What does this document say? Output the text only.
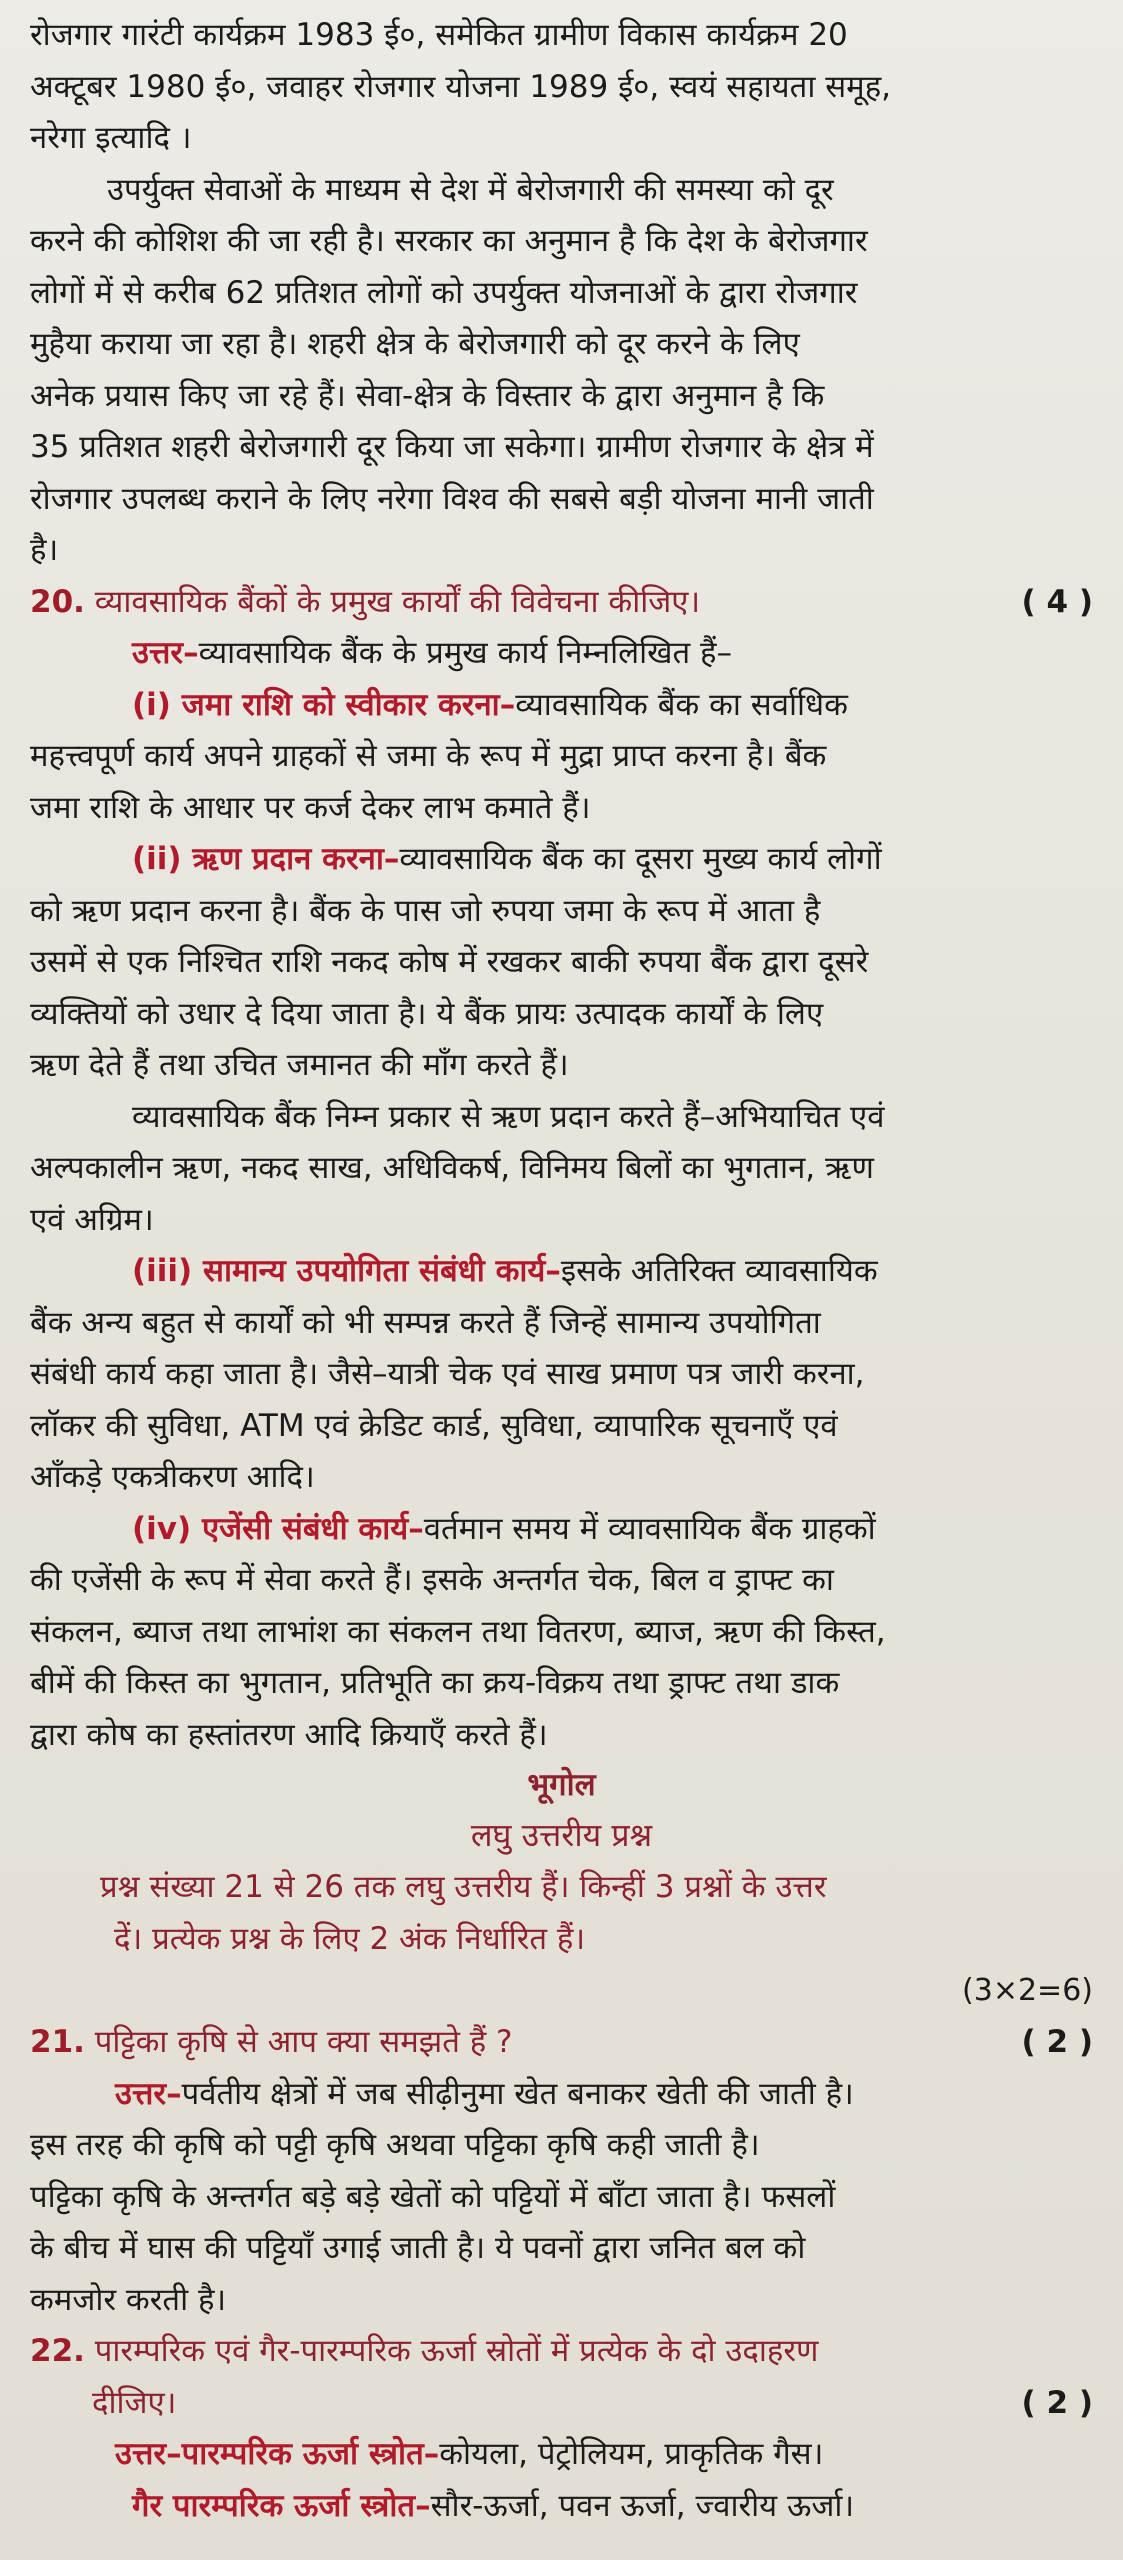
रोजगार गारंटी कार्यक्रम 1983 ई०, समेकित ग्रामीण विकास कार्यक्रम 20
अक्टूबर 1980 ई०, जवाहर रोजगार योजना 1989 ई०, स्वयं सहायता समूह,
नरेगा इत्यादि ।
उपर्युक्त सेवाओं के माध्यम से देश में बेरोजगारी की समस्या को दूर
करने की कोशिश की जा रही है। सरकार का अनुमान है कि देश के बेरोजगार
लोगों में से करीब 62 प्रतिशत लोगों को उपर्युक्त योजनाओं के द्वारा रोजगार
मुहैया कराया जा रहा है। शहरी क्षेत्र के बेरोजगारी को दूर करने के लिए
अनेक प्रयास किए जा रहे हैं। सेवा-क्षेत्र के विस्तार के द्वारा अनुमान है कि
35 प्रतिशत शहरी बेरोजगारी दूर किया जा सकेगा। ग्रामीण रोजगार के क्षेत्र में
रोजगार उपलब्ध कराने के लिए नरेगा विश्व की सबसे बड़ी योजना मानी जाती
है।
20. व्यावसायिक बैंकों के प्रमुख कार्यों की विवेचना कीजिए।	( 4 )
उत्तर–व्यावसायिक बैंक के प्रमुख कार्य निम्नलिखित हैं–
(i) जमा राशि को स्वीकार करना–व्यावसायिक बैंक का सर्वाधिक
महत्त्वपूर्ण कार्य अपने ग्राहकों से जमा के रूप में मुद्रा प्राप्त करना है। बैंक
जमा राशि के आधार पर कर्ज देकर लाभ कमाते हैं।
(ii) ऋण प्रदान करना–व्यावसायिक बैंक का दूसरा मुख्य कार्य लोगों
को ऋण प्रदान करना है। बैंक के पास जो रुपया जमा के रूप में आता है
उसमें से एक निश्चित राशि नकद कोष में रखकर बाकी रुपया बैंक द्वारा दूसरे
व्यक्तियों को उधार दे दिया जाता है। ये बैंक प्रायः उत्पादक कार्यों के लिए
ऋण देते हैं तथा उचित जमानत की माँग करते हैं।
व्यावसायिक बैंक निम्न प्रकार से ऋण प्रदान करते हैं–अभियाचित एवं
अल्पकालीन ऋण, नकद साख, अधिविकर्ष, विनिमय बिलों का भुगतान, ऋण
एवं अग्रिम।
(iii) सामान्य उपयोगिता संबंधी कार्य–इसके अतिरिक्त व्यावसायिक
बैंक अन्य बहुत से कार्यों को भी सम्पन्न करते हैं जिन्हें सामान्य उपयोगिता
संबंधी कार्य कहा जाता है। जैसे–यात्री चेक एवं साख प्रमाण पत्र जारी करना,
लॉकर की सुविधा, ATM एवं क्रेडिट कार्ड, सुविधा, व्यापारिक सूचनाएँ एवं
आँकड़े एकत्रीकरण आदि।
(iv) एजेंसी संबंधी कार्य–वर्तमान समय में व्यावसायिक बैंक ग्राहकों
की एजेंसी के रूप में सेवा करते हैं। इसके अन्तर्गत चेक, बिल व ड्राफ्ट का
संकलन, ब्याज तथा लाभांश का संकलन तथा वितरण, ब्याज, ऋण की किस्त,
बीमें की किस्त का भुगतान, प्रतिभूति का क्रय-विक्रय तथा ड्राफ्ट तथा डाक
द्वारा कोष का हस्तांतरण आदि क्रियाएँ करते हैं।
भूगोल
लघु उत्तरीय प्रश्न
प्रश्न संख्या 21 से 26 तक लघु उत्तरीय हैं। किन्हीं 3 प्रश्नों के उत्तर
दें। प्रत्येक प्रश्न के लिए 2 अंक निर्धारित हैं।
(3×2=6)
21. पट्टिका कृषि से आप क्या समझते हैं ?	( 2 )
उत्तर–पर्वतीय क्षेत्रों में जब सीढ़ीनुमा खेत बनाकर खेती की जाती है।
इस तरह की कृषि को पट्टी कृषि अथवा पट्टिका कृषि कही जाती है।
पट्टिका कृषि के अन्तर्गत बड़े बड़े खेतों को पट्टियों में बाँटा जाता है। फसलों
के बीच में घास की पट्टियाँ उगाई जाती है। ये पवनों द्वारा जनित बल को
कमजोर करती है।
22. पारम्परिक एवं गैर-पारम्परिक ऊर्जा स्रोतों में प्रत्येक के दो उदाहरण
दीजिए।	( 2 )
उत्तर–पारम्परिक ऊर्जा स्त्रोत–कोयला, पेट्रोलियम, प्राकृतिक गैस।
गैर पारम्परिक ऊर्जा स्त्रोत–सौर-ऊर्जा, पवन ऊर्जा, ज्वारीय ऊर्जा।
